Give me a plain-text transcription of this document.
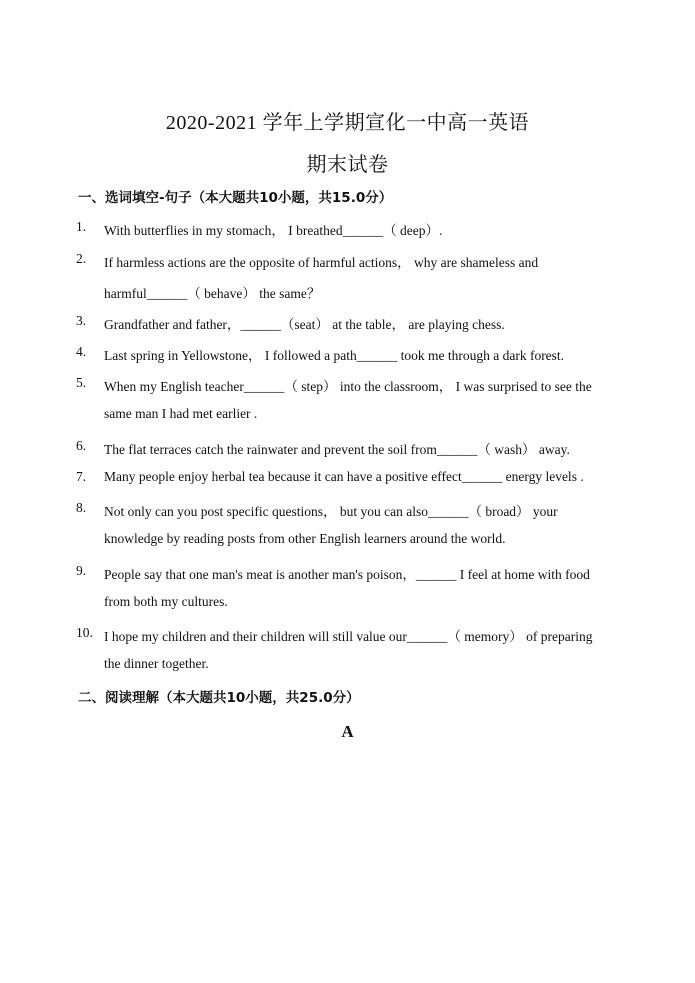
2020-2021 学年上学期宣化一中高一英语
期末试卷
一、选词填空-句子（本大题共10小题，共15.0分）
1.	With butterflies in my stomach， I breathed______（ deep）.
2.	If harmless actions are the opposite of harmful actions， why are shameless and
harmful______（ behave） the same？
3.	Grandfather and father，______（seat） at the table， are playing chess.
4.	Last spring in Yellowstone， I followed a path______ took me through a dark forest.
5.	When my English teacher______（ step） into the classroom， I was surprised to see the
same man I had met earlier .
6.	The flat terraces catch the rainwater and prevent the soil from______（ wash） away.
7.	Many people enjoy herbal tea because it can have a positive effect______ energy levels .
8.	Not only can you post specific questions， but you can also______（ broad） your
knowledge by reading posts from other English learners around the world.
9.	People say that one man's meat is another man's poison，______ I feel at home with food
from both my cultures.
10. I hope my children and their children will still value our______（ memory） of preparing
the dinner together.
二、阅读理解（本大题共10小题，共25.0分）
A
